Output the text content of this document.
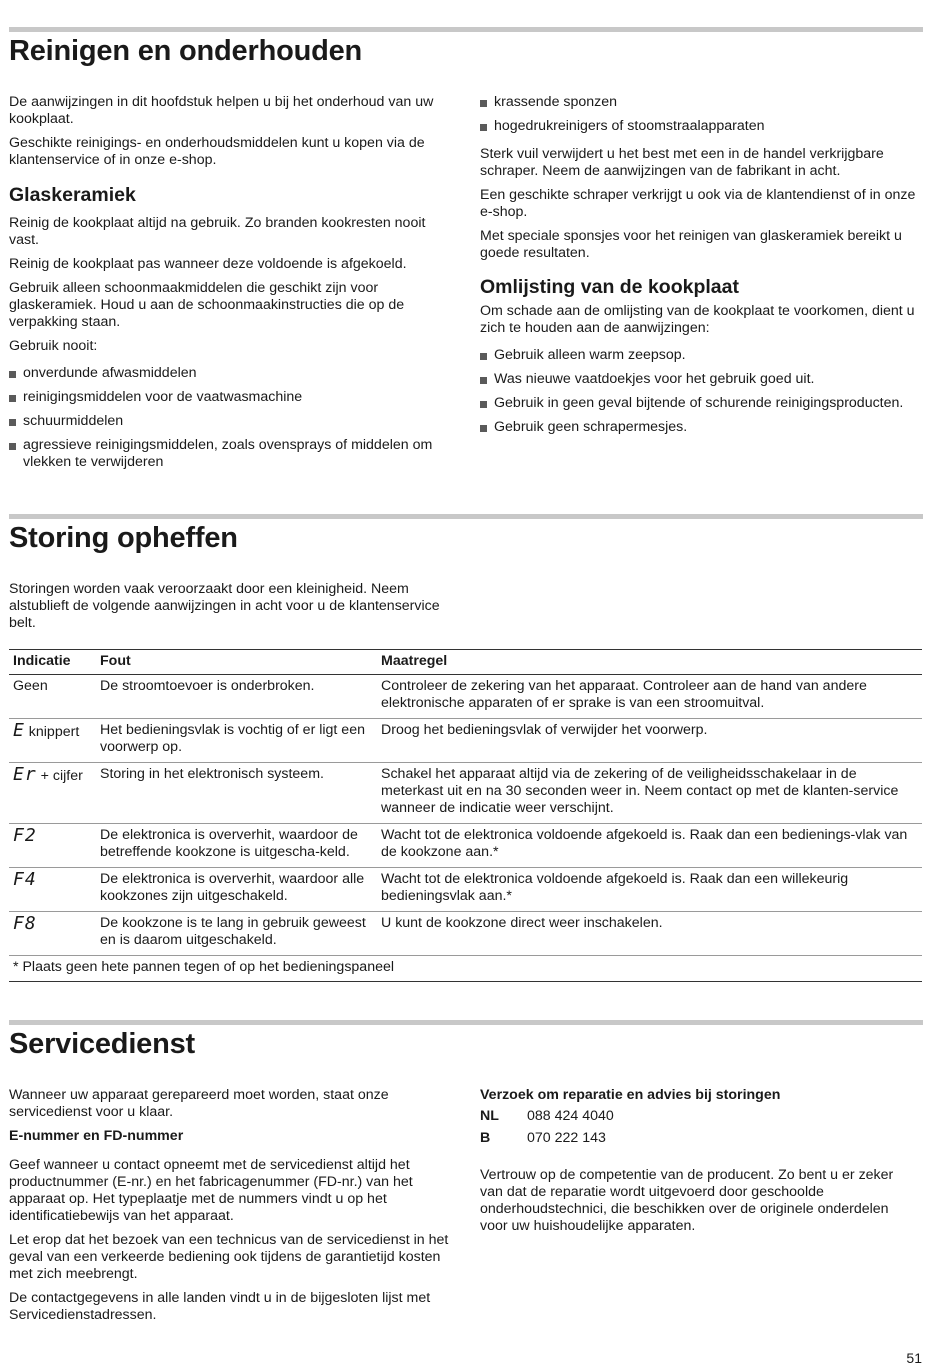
Reinigen en onderhouden

De aanwijzingen in dit hoofdstuk helpen u bij het onderhoud van uw kookplaat.

Geschikte reinigings- en onderhoudsmiddelen kunt u kopen via de klantenservice of in onze e-shop.

Glaskeramiek

Reinig de kookplaat altijd na gebruik. Zo branden kookresten nooit vast.

Reinig de kookplaat pas wanneer deze voldoende is afgekoeld.

Gebruik alleen schoonmaakmiddelen die geschikt zijn voor glaskeramiek. Houd u aan de schoonmaakinstructies die op de verpakking staan.

Gebruik nooit:

onverdunde afwasmiddelen
reinigingsmiddelen voor de vaatwasmachine
schuurmiddelen
agressieve reinigingsmiddelen, zoals ovensprays of middelen om vlekken te verwijderen
krassende sponzen
hogedrukreinigers of stoomstraalapparaten

Sterk vuil verwijdert u het best met een in de handel verkrijgbare schraper. Neem de aanwijzingen van de fabrikant in acht.

Een geschikte schraper verkrijgt u ook via de klantendienst of in onze e-shop.

Met speciale sponsjes voor het reinigen van glaskeramiek bereikt u goede resultaten.

Omlijsting van de kookplaat

Om schade aan de omlijsting van de kookplaat te voorkomen, dient u zich te houden aan de aanwijzingen:

Gebruik alleen warm zeepsop.
Was nieuwe vaatdoekjes voor het gebruik goed uit.
Gebruik in geen geval bijtende of schurende reinigingsproducten.
Gebruik geen schrapermesjes.
Storing opheffen

Storingen worden vaak veroorzaakt door een kleinigheid. Neem alstublieft de volgende aanwijzingen in acht voor u de klantenservice belt.

Indicatie	Fout	Maatregel
Geen	De stroomtoevoer is onderbroken.	Controleer de zekering van het apparaat. Controleer aan de hand van andere elektronische apparaten of er sprake is van een stroomuitval.
E knippert	Het bedieningsvlak is vochtig of er ligt een voorwerp op.	Droog het bedieningsvlak of verwijder het voorwerp.
Er + cijfer	Storing in het elektronisch systeem.	Schakel het apparaat altijd via de zekering of de veiligheidsschakelaar in de meterkast uit en na 30 seconden weer in. Neem contact op met de klanten-service wanneer de indicatie weer verschijnt.
F2	De elektronica is oververhit, waardoor de betreffende kookzone is uitgescha-keld.	Wacht tot de elektronica voldoende afgekoeld is. Raak dan een bedienings-vlak van de kookzone aan.*
F4	De elektronica is oververhit, waardoor alle kookzones zijn uitgeschakeld.	Wacht tot de elektronica voldoende afgekoeld is. Raak dan een willekeurig bedieningsvlak aan.*
F8	De kookzone is te lang in gebruik geweest en is daarom uitgeschakeld.	U kunt de kookzone direct weer inschakelen.
* Plaats geen hete pannen tegen of op het bedieningspaneel		
Servicedienst

Wanneer uw apparaat gerepareerd moet worden, staat onze servicedienst voor u klaar.

E-nummer en FD-nummer

Geef wanneer u contact opneemt met de servicedienst altijd het productnummer (E-nr.) en het fabricagenummer (FD-nr.) van het apparaat op. Het typeplaatje met de nummers vindt u op het identificatiebewijs van het apparaat.

Let erop dat het bezoek van een technicus van de servicedienst in het geval van een verkeerde bediening ook tijdens de garantietijd kosten met zich meebrengt.

De contactgegevens in alle landen vindt u in de bijgesloten lijst met Servicedienstadressen.

Verzoek om reparatie en advies bij storingen

NL	088 424 4040
B	070 222 143

Vertrouw op de competentie van de producent. Zo bent u er zeker van dat de reparatie wordt uitgevoerd door geschoolde onderhoudstechnici, die beschikken over de originele onderdelen voor uw huishoudelijke apparaten.

51
